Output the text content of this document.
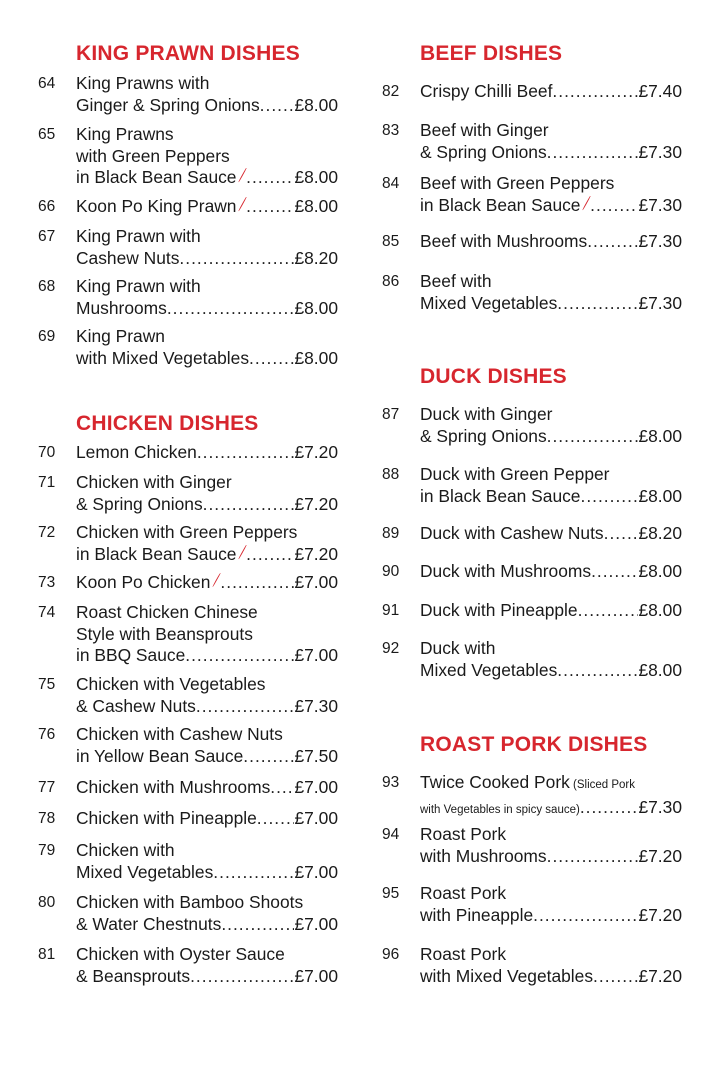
KING PRAWN DISHES
64	King Prawns with
Ginger & Spring Onions ..... £8.00
65	King Prawns
with Green Peppers
in Black Bean Sauce .....	£8.00
66	Koon Po King Prawn .....	£8.00
67	King Prawn with
Cashew Nuts .....	£8.20
68	King Prawn with
Mushrooms .....	£8.00
69	King Prawn
with Mixed Vegetables .....	£8.00
CHICKEN DISHES
70	Lemon Chicken .....	£7.20
71	Chicken with Ginger
& Spring Onions .....	£7.20
72	Chicken with Green Peppers
in Black Bean Sauce .....	£7.20
73	Koon Po Chicken .....	£7.00
74	Roast Chicken Chinese
Style with Beansprouts
in BBQ Sauce .....	£7.00
75	Chicken with Vegetables
& Cashew Nuts .....	£7.30
76	Chicken with Cashew Nuts
in Yellow Bean Sauce .....	£7.50
77	Chicken with Mushrooms ..... £7.00
78	Chicken with Pineapple ..... £7.00
79	Chicken with
Mixed Vegetables .....	£7.00
80	Chicken with Bamboo Shoots
& Water Chestnuts .....	£7.00
81	Chicken with Oyster Sauce
& Beansprouts .....	£7.00
BEEF DISHES
82	Crispy Chilli Beef .....	£7.40
83	Beef with Ginger
& Spring Onions .....	£7.30
84	Beef with Green Peppers
in Black Bean Sauce .....	£7.30
85	Beef with Mushrooms .....	£7.30
86	Beef with
Mixed Vegetables .....	£7.30
DUCK DISHES
87	Duck with Ginger
& Spring Onions .....	£8.00
88	Duck with Green Pepper
in Black Bean Sauce .....	£8.00
89	Duck with Cashew Nuts ..... £8.20
90	Duck with Mushrooms .....	£8.00
91	Duck with Pineapple .....	£8.00
92	Duck with
Mixed Vegetables .....	£8.00
ROAST PORK DISHES
93	Twice Cooked Pork (Sliced Pork
with Vegetables in spicy sauce) .....	£7.30
94	Roast Pork
with Mushrooms .....	£7.20
95	Roast Pork
with Pineapple .....	£7.20
96	Roast Pork
with Mixed Vegetables .....	£7.20
